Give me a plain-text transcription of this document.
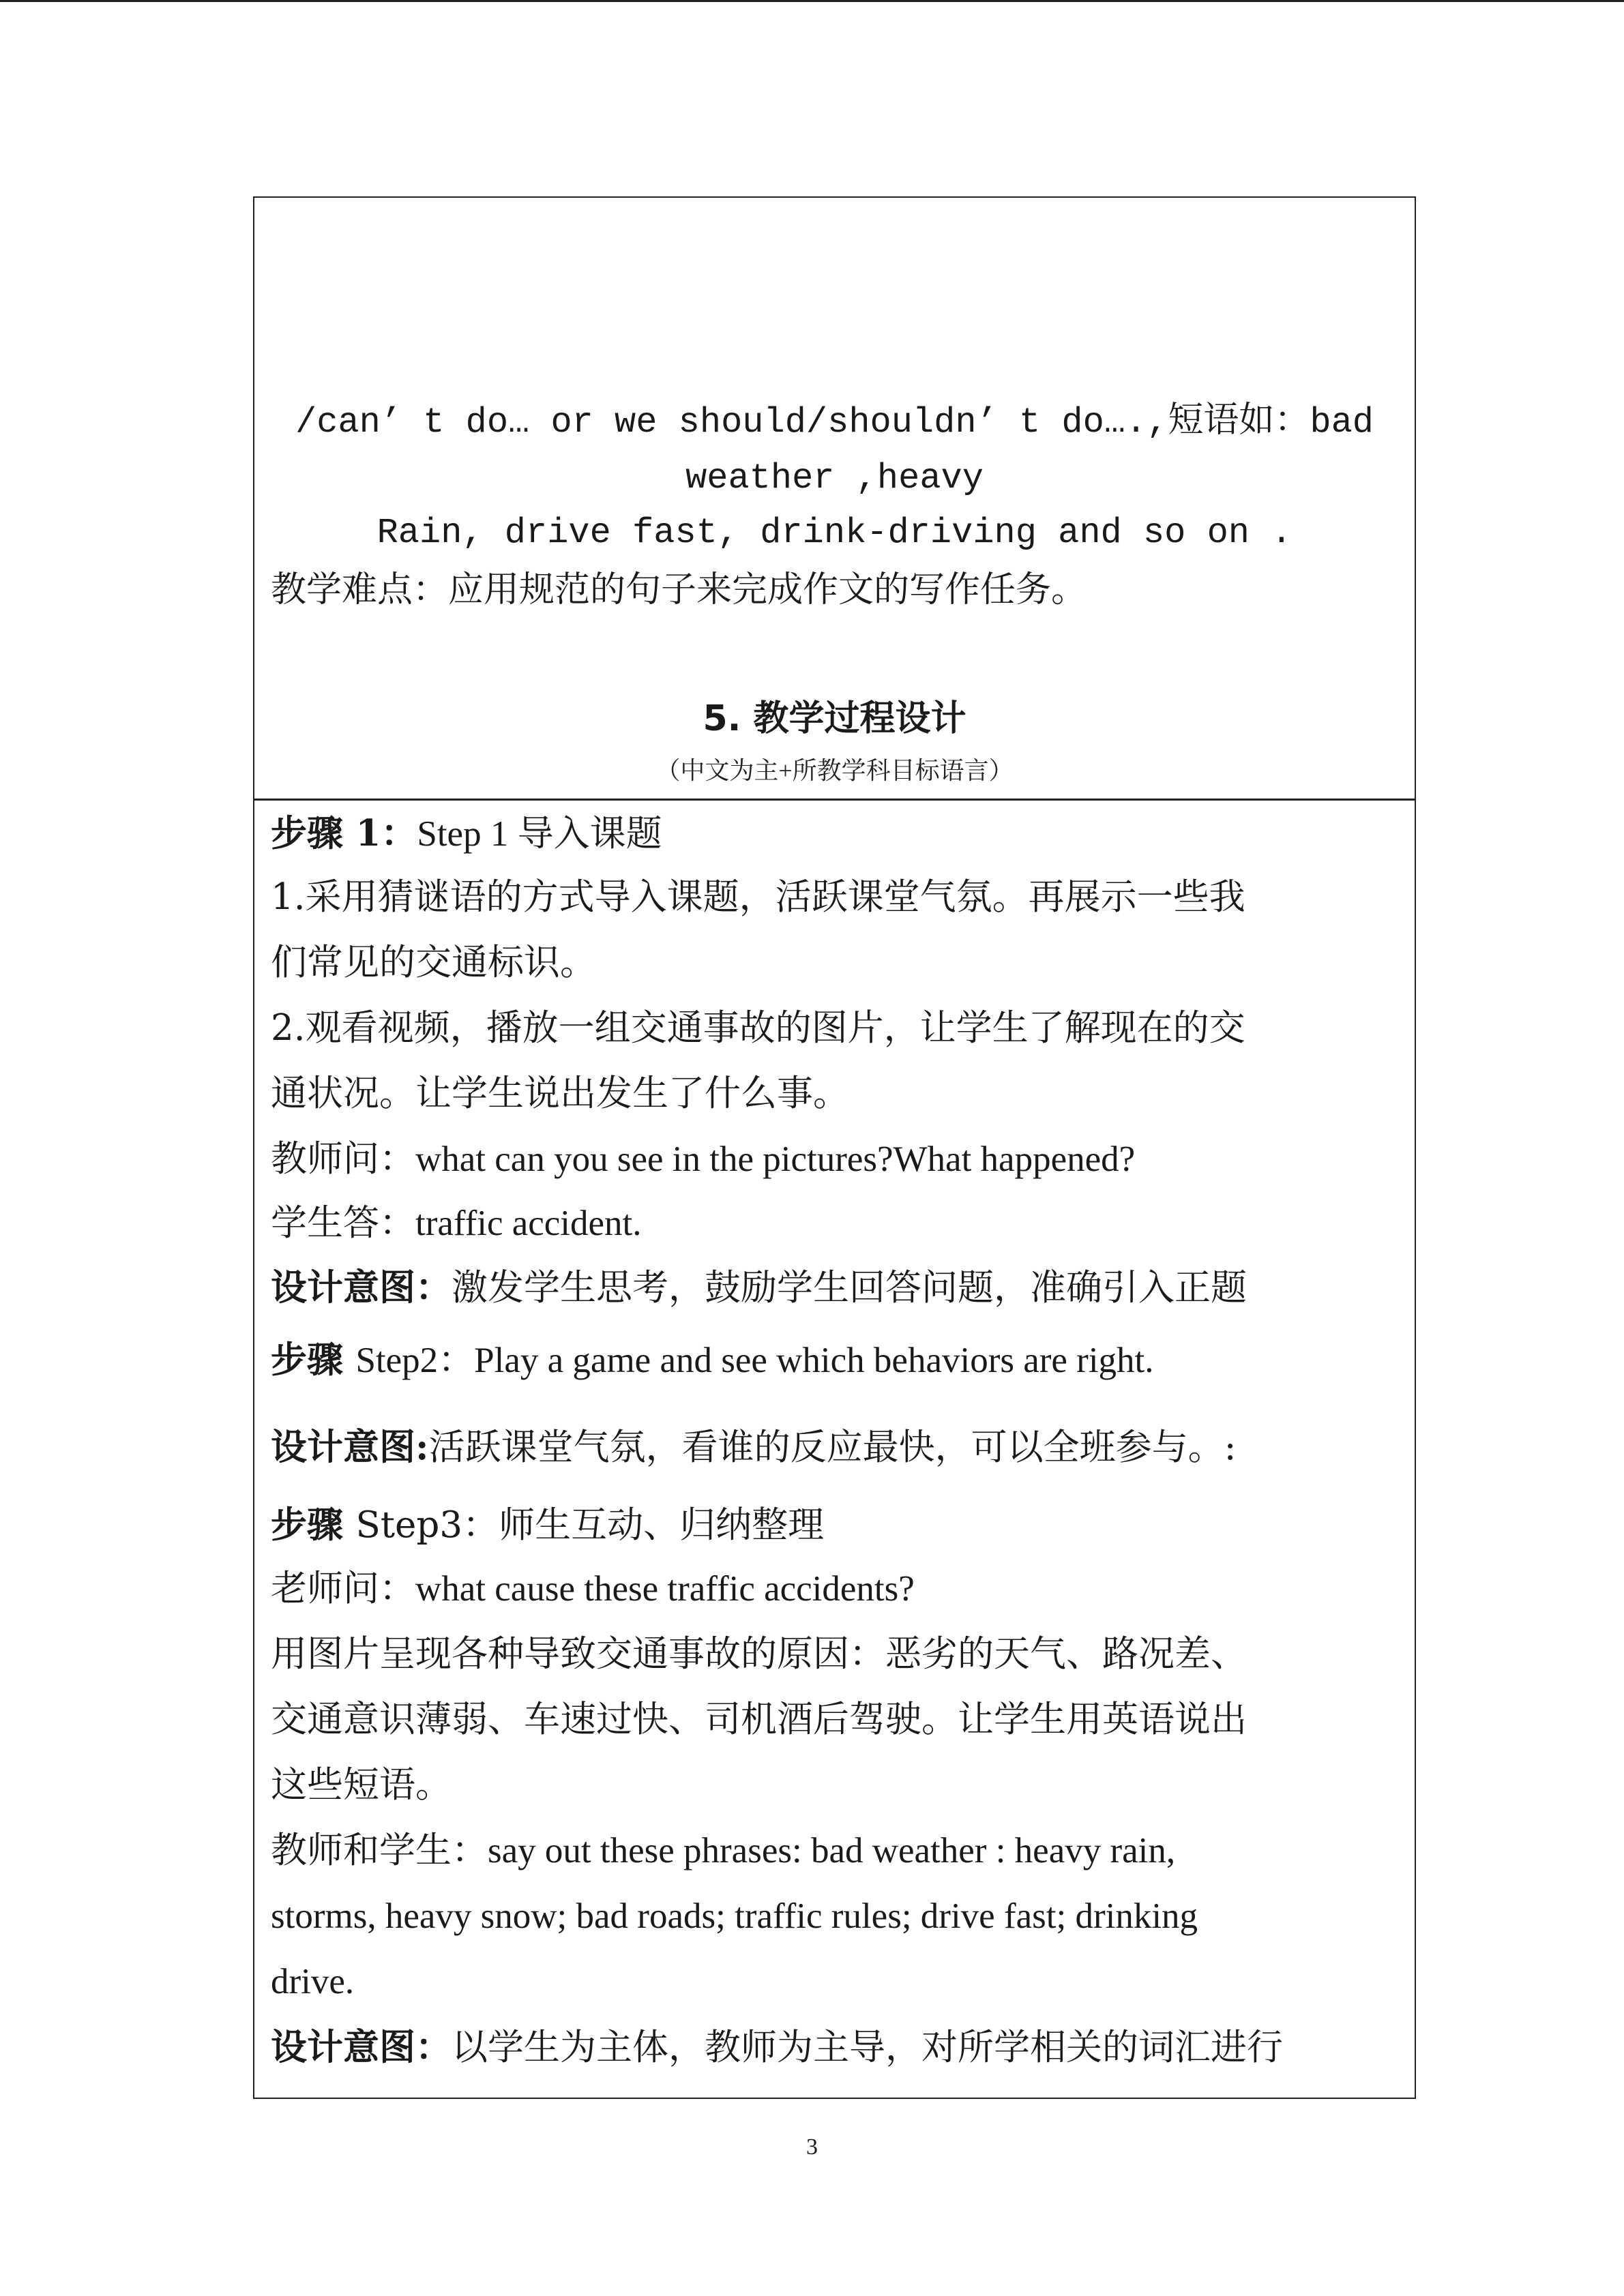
/can’ t do… or we should/shouldn’ t do….,短语如：bad
weather ,heavy
Rain, drive fast, drink-driving and so on .
教学难点：应用规范的句子来完成作文的写作任务。
5. 教学过程设计
（中文为主+所教学科目标语言）
步骤 1：Step 1 导入课题
1.采用猜谜语的方式导入课题，活跃课堂气氛。再展示一些我
们常见的交通标识。
2.观看视频，播放一组交通事故的图片，让学生了解现在的交
通状况。让学生说出发生了什么事。
教师问：what can you see in the pictures?What happened?
学生答：traffic accident.
设计意图：激发学生思考，鼓励学生回答问题，准确引入正题
步骤 Step2：Play a game and see which behaviors are right.
设计意图:活跃课堂气氛，看谁的反应最快，可以全班参与。:
步骤 Step3：师生互动、归纳整理
老师问：what cause these traffic accidents?
用图片呈现各种导致交通事故的原因：恶劣的天气、路况差、
交通意识薄弱、车速过快、司机酒后驾驶。让学生用英语说出
这些短语。
教师和学生：say out these phrases: bad weather : heavy rain,
storms, heavy snow; bad roads; traffic rules; drive fast; drinking
drive.
设计意图：以学生为主体，教师为主导，对所学相关的词汇进行
3
